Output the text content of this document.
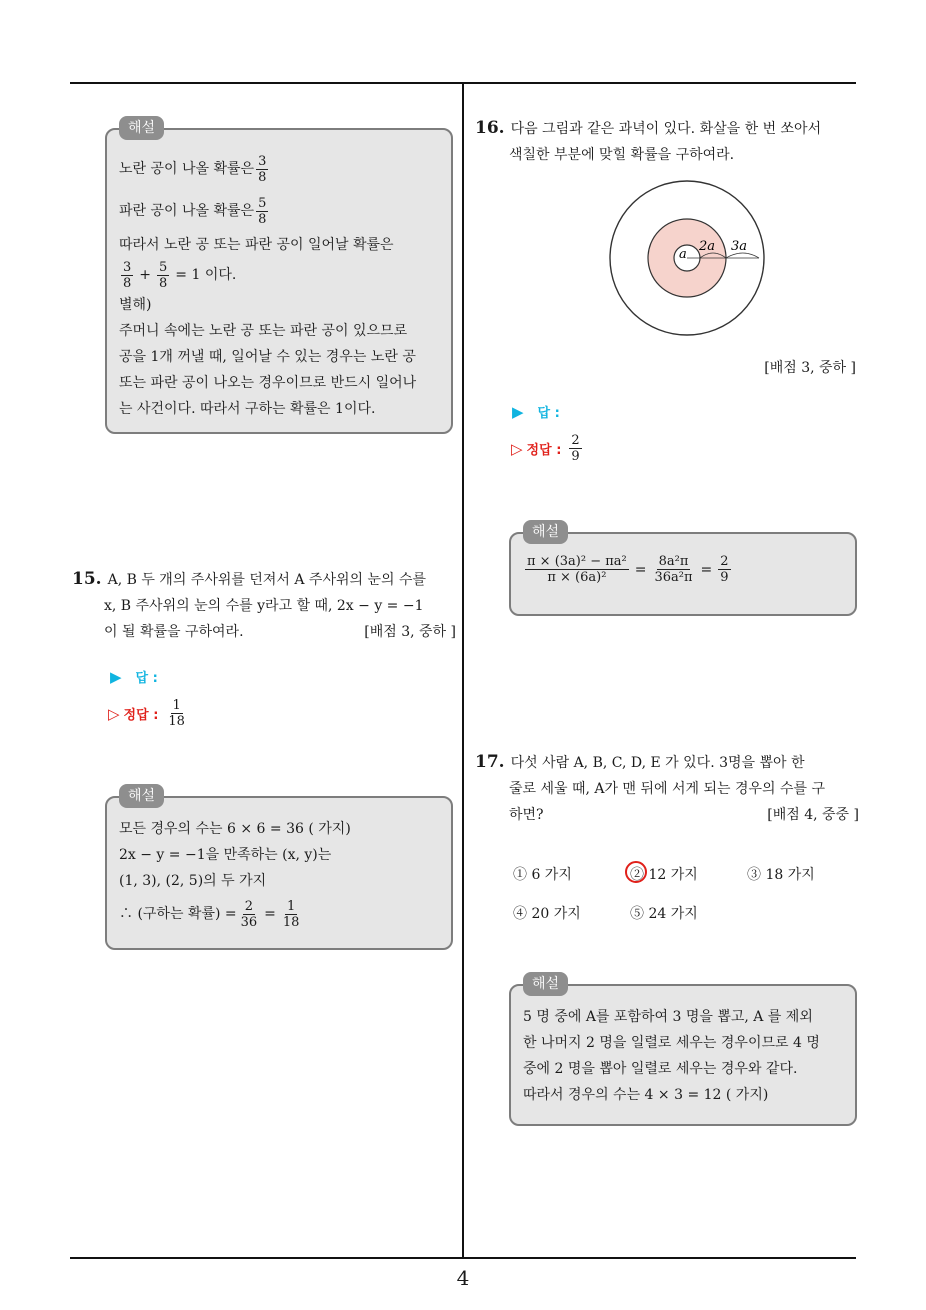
해설
노란 공이 나올 확률은 $\frac{3}{8}$
파란 공이 나올 확률은 $\frac{5}{8}$
따라서 노란 공 또는 파란 공이 일어날 확률은
$\frac{3}{8} + \frac{5}{8} = 1$ 이다.
별해)
주머니 속에는 노란 공 또는 파란 공이 있으므로
공을 1개 꺼낼 때, 일어날 수 있는 경우는 노란 공
또는 파란 공이 나오는 경우이므로 반드시 일어나
는 사건이다. 따라서 구하는 확률은 1이다.
15. A, B 두 개의 주사위를 던져서 A 주사위의 눈의 수를
x, B 주사위의 눈의 수를 y라고 할 때, 2x − y = −1
이 될 확률을 구하여라.	[배점 3, 중하 ]
▶ 답 :
▷ 정답 : $\frac{1}{18}$
해설
모든 경우의 수는 6 × 6 = 36 ( 가지)
2x − y = −1을 만족하는 (x, y)는
(1, 3), (2, 5)의 두 가지
∴ (구하는 확률) = $\frac{2}{36} = \frac{1}{18}$
16. 다음 그림과 같은 과녁이 있다. 화살을 한 번 쏘아서
색칠한 부분에 맞힐 확률을 구하여라.
a
2a 3a
[배점 3, 중하 ]
▶ 답 :
▷ 정답 : $\frac{2}{9}$
해설
$\frac{\text{π × (3a)² − πa²}}{\text{π × (6a)²}} = \frac{\text{8a²π}}{\text{36a²π}} = \frac{2}{9}$
17. 다섯 사람 A, B, C, D, E 가 있다. 3명을 뽑아 한
줄로 세울 때, A가 맨 뒤에 서게 되는 경우의 수를 구
하면?	[배점 4, 중중 ]
① 6 가지	② 12 가지	③ 18 가지
④ 20 가지	⑤ 24 가지
해설
5 명 중에 A를 포함하여 3 명을 뽑고, A 를 제외
한 나머지 2 명을 일렬로 세우는 경우이므로 4 명
중에 2 명을 뽑아 일렬로 세우는 경우와 같다.
따라서 경우의 수는 4 × 3 = 12 ( 가지)
4
